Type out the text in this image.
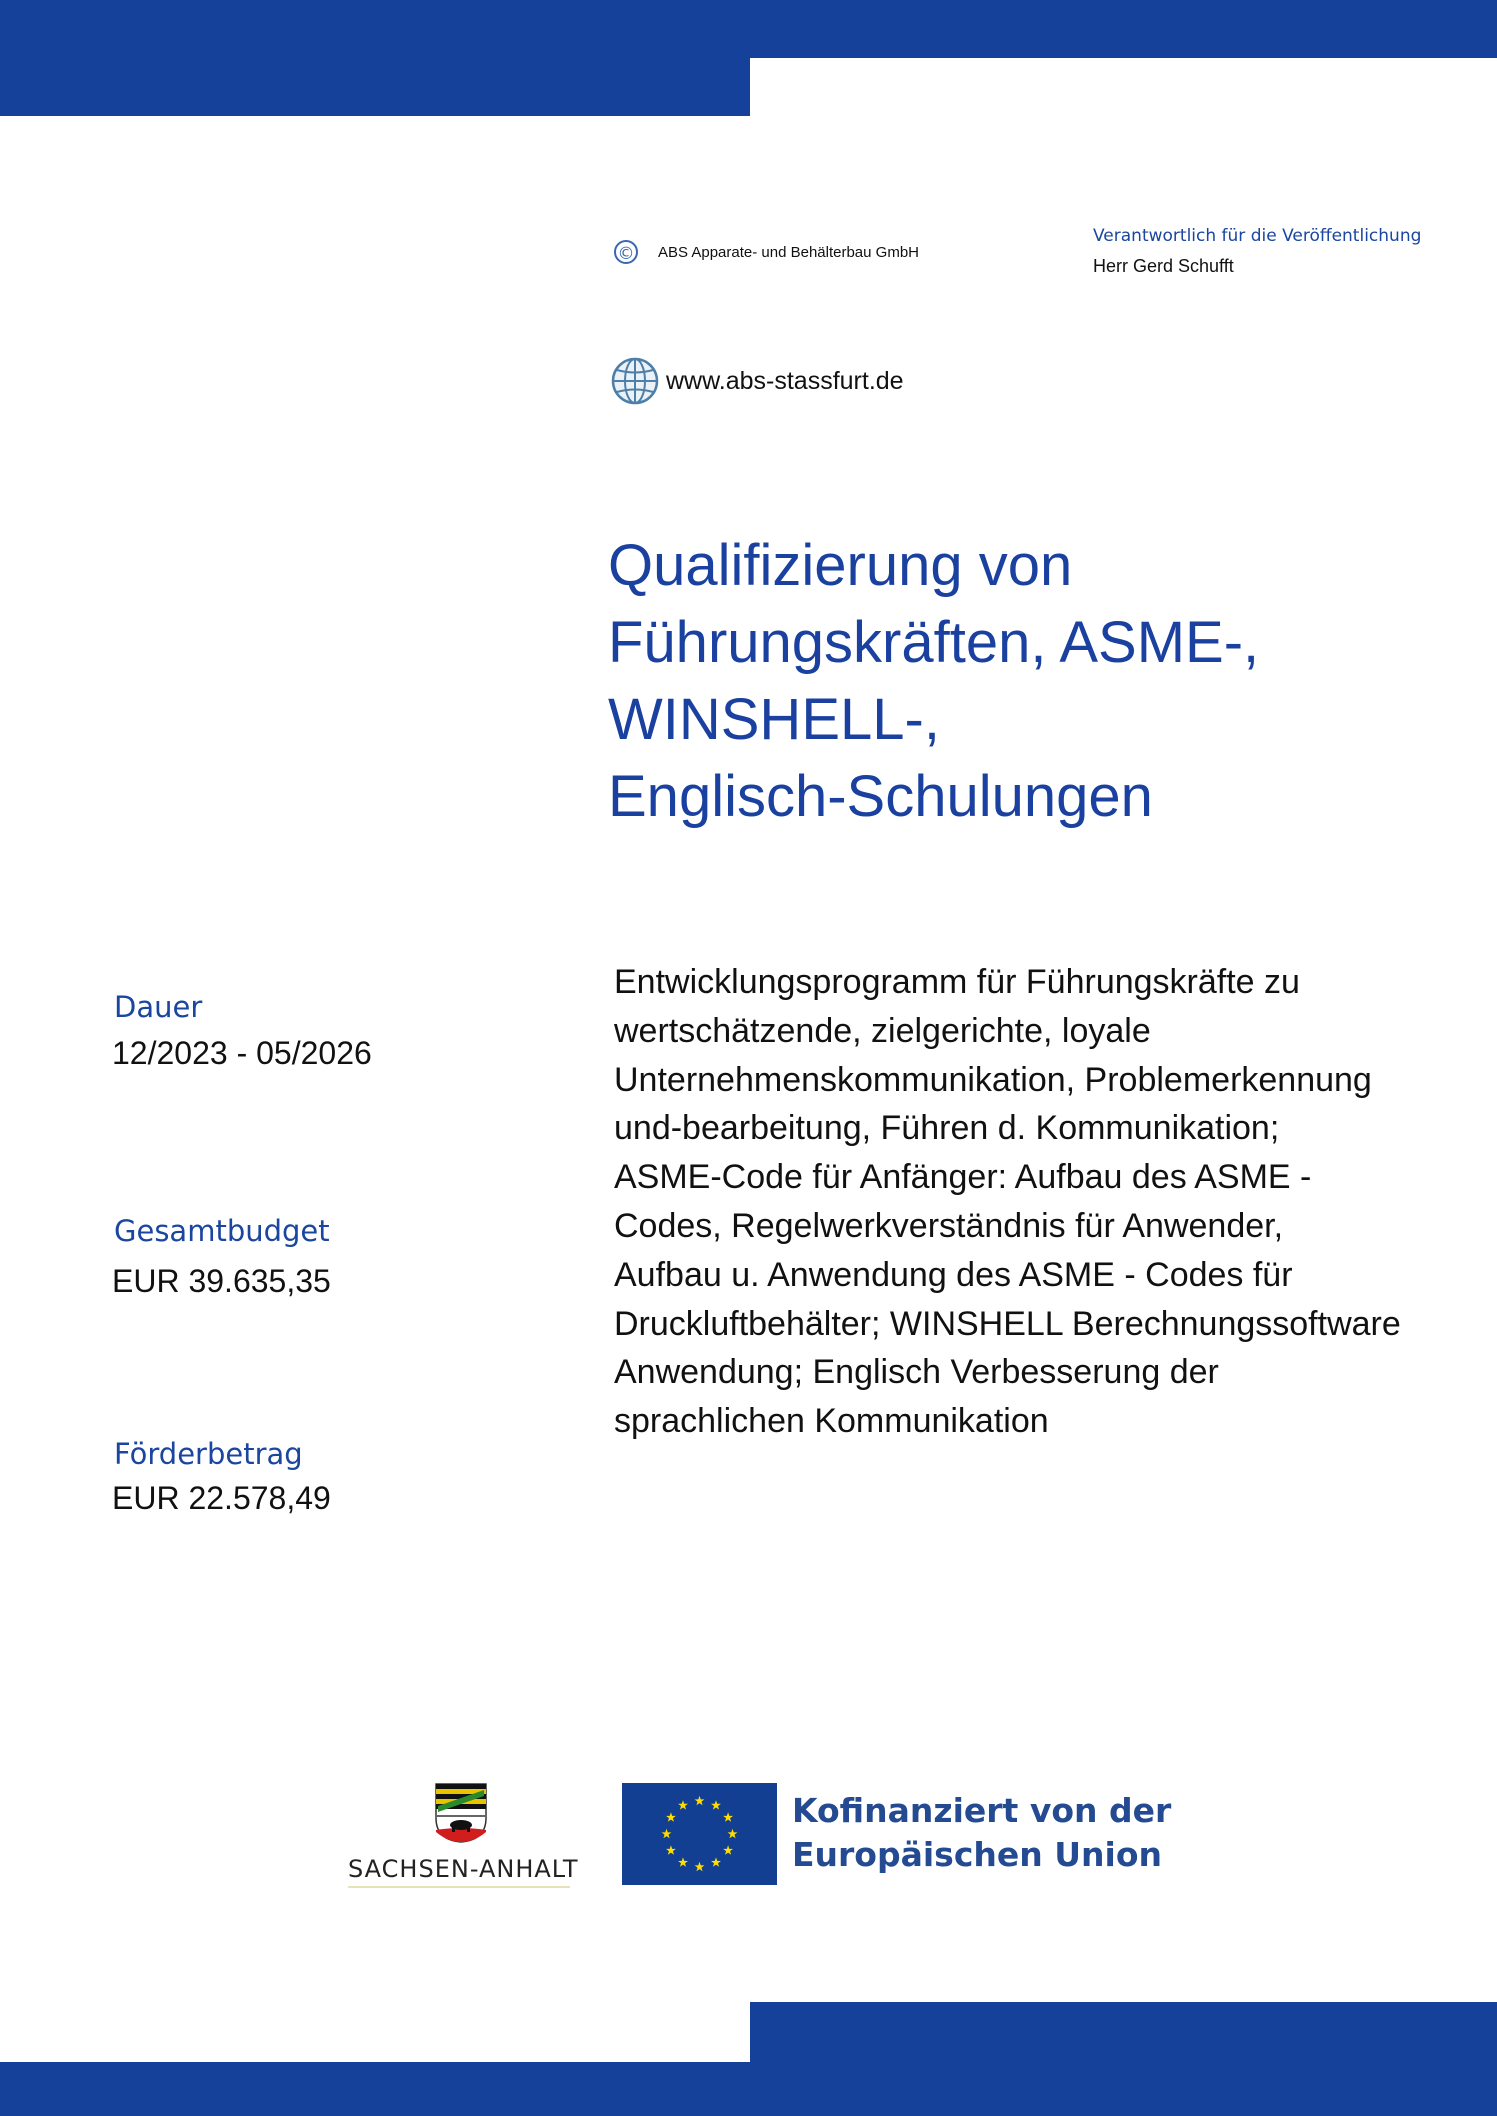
© ABS Apparate- und Behälterbau GmbH
Verantwortlich für die Veröffentlichung
Herr Gerd Schufft
www.abs-stassfurt.de
Qualifizierung von
Führungskräften, ASME-,
WINSHELL-,
Englisch-Schulungen
Entwicklungsprogramm für Führungskräfte zu
wertschätzende, zielgerichte, loyale
Unternehmenskommunikation, Problemerkennung
und-bearbeitung, Führen d. Kommunikation;
ASME-Code für Anfänger: Aufbau des ASME -
Codes, Regelwerkverständnis für Anwender,
Aufbau u. Anwendung des ASME - Codes für
Druckluftbehälter; WINSHELL Berechnungssoftware
Anwendung; Englisch Verbesserung der
sprachlichen Kommunikation
Dauer
12/2023 - 05/2026
Gesamtbudget
EUR 39.635,35
Förderbetrag
EUR 22.578,49
SACHSEN-ANHALT
Kofinanziert von der
Europäischen Union
